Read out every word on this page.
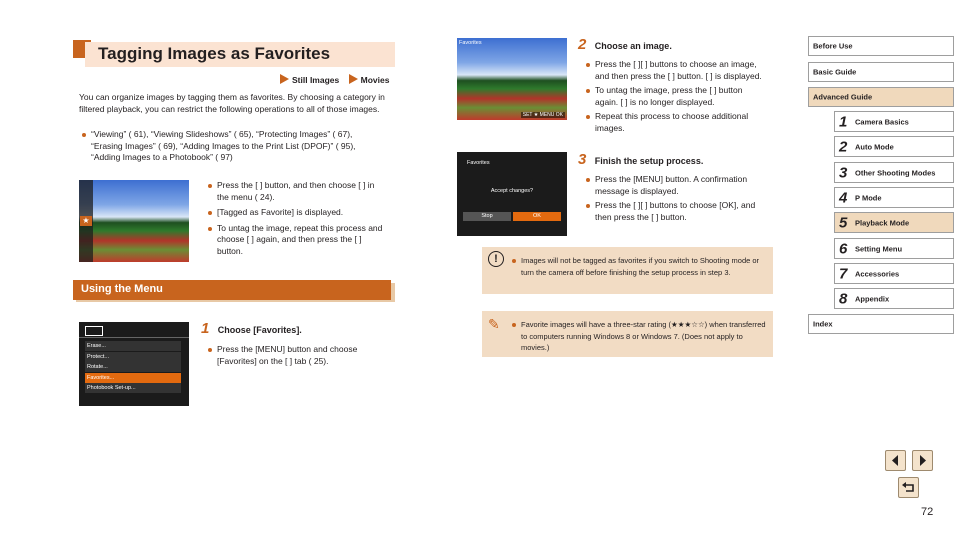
Tagging Images as Favorites
Still Images	Movies
You can organize images by tagging them as favorites. By choosing a category in filtered playback, you can restrict the following operations to all of those images.
“Viewing” ( 61), “Viewing Slideshows” ( 65), “Protecting Images” ( 67), “Erasing Images” ( 69), “Adding Images to the Print List (DPOF)” ( 95), “Adding Images to a Photobook” ( 97)
★
Press the [ ] button, and then choose [ ] in the menu ( 24).
[Tagged as Favorite] is displayed.
To untag the image, repeat this process and choose [ ] again, and then press the [ ] button.
Using the Menu
Erase...
Protect...
Rotate...
Favorites...
Photobook Set-up...
1 Choose [Favorites].
Press the [MENU] button and choose [Favorites] on the [ ] tab ( 25).
Favorites
SET ★ MENU OK
2 Choose an image.
Press the [ ][ ] buttons to choose an image, and then press the [ ] button. [ ] is displayed.
To untag the image, press the [ ] button again. [ ] is no longer displayed.
Repeat this process to choose additional images.
Favorites
Accept changes?
Stop	OK
3 Finish the setup process.
Press the [MENU] button. A confirmation message is displayed.
Press the [ ][ ] buttons to choose [OK], and then press the [ ] button.
!	Images will not be tagged as favorites if you switch to Shooting mode or turn the camera off before finishing the setup process in step 3.
✎	Favorite images will have a three-star rating (★★★☆☆) when transferred to computers running Windows 8 or Windows 7. (Does not apply to movies.)
Before Use
Basic Guide
Advanced Guide
1 Camera Basics
2 Auto Mode
3 Other Shooting Modes
4 P Mode
5 Playback Mode
6 Setting Menu
7 Accessories
8 Appendix
Index
72
